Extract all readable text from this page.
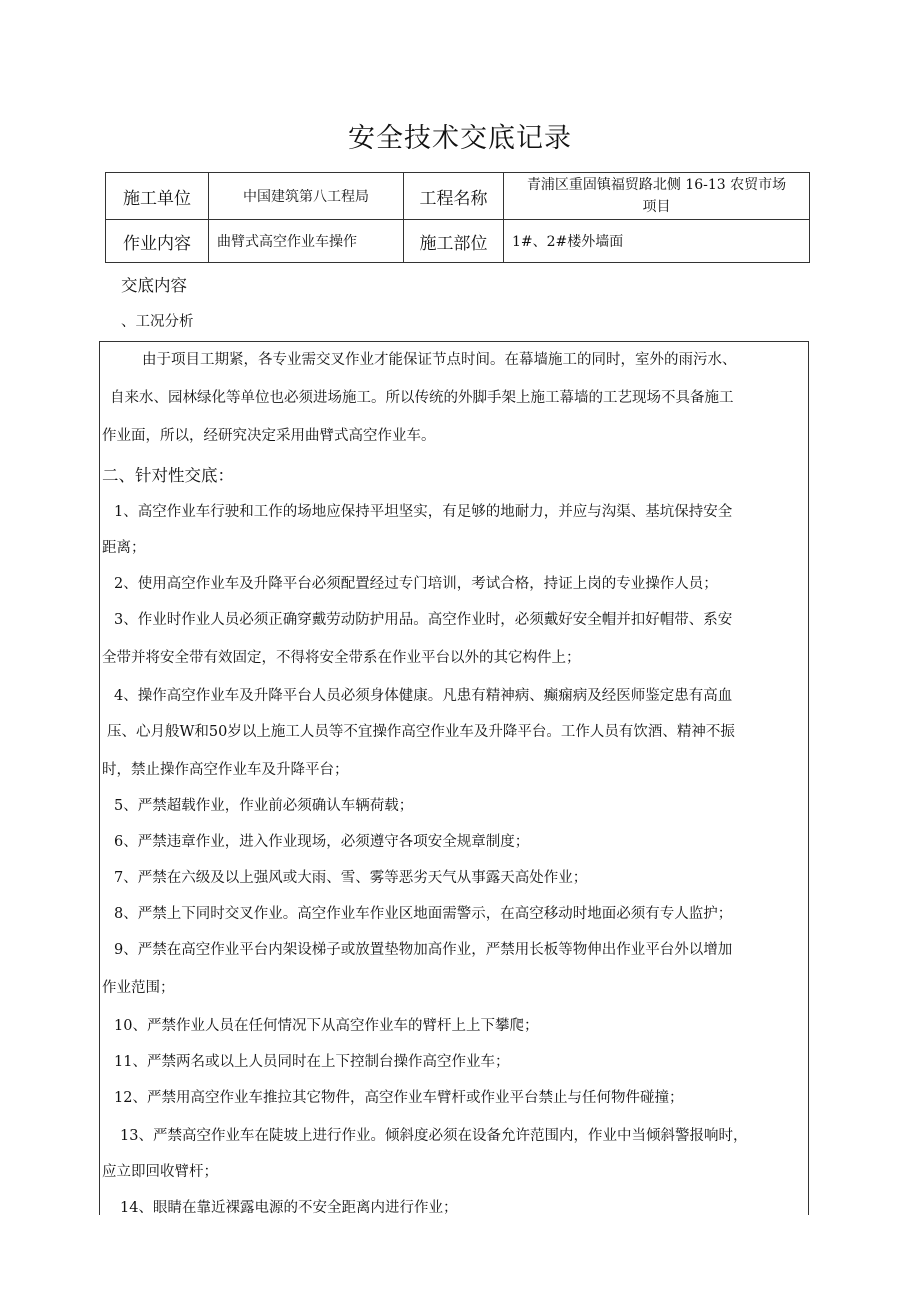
安全技术交底记录
施工单位	中国建筑第八工程局	工程名称	青浦区重固镇福贸路北侧 16-13 农贸市场
项目

作业内容	曲臂式高空作业车操作	施工部位	1#、2#楼外墙面
交底内容
、工况分析
由于项目工期紧，各专业需交叉作业才能保证节点时间。在幕墙施工的同时，室外的雨污水、
自来水、园林绿化等单位也必须进场施工。所以传统的外脚手架上施工幕墙的工艺现场不具备施工
作业面，所以，经研究决定采用曲臂式高空作业车。
二、针对性交底：
1、高空作业车行驶和工作的场地应保持平坦坚实，有足够的地耐力，并应与沟渠、基坑保持安全
距离；
2、使用高空作业车及升降平台必须配置经过专门培训，考试合格，持证上岗的专业操作人员；
3、作业时作业人员必须正确穿戴劳动防护用品。高空作业时，必须戴好安全帽并扣好帽带、系安
全带并将安全带有效固定，不得将安全带系在作业平台以外的其它构件上；
4、操作高空作业车及升降平台人员必须身体健康。凡患有精神病、癫痫病及经医师鉴定患有高血
压、心月般W和50岁以上施工人员等不宜操作高空作业车及升降平台。工作人员有饮酒、精神不振
时，禁止操作高空作业车及升降平台；
5、严禁超载作业，作业前必须确认车辆荷载；
6、严禁违章作业，进入作业现场，必须遵守各项安全规章制度；
7、严禁在六级及以上强风或大雨、雪、雾等恶劣天气从事露天高处作业；
8、严禁上下同时交叉作业。高空作业车作业区地面需警示，在高空移动时地面必须有专人监护；
9、严禁在高空作业平台内架设梯子或放置垫物加高作业，严禁用长板等物伸出作业平台外以增加
作业范围；
10、严禁作业人员在任何情况下从高空作业车的臂杆上上下攀爬；
11、严禁两名或以上人员同时在上下控制台操作高空作业车；
12、严禁用高空作业车推拉其它物件，高空作业车臂杆或作业平台禁止与任何物件碰撞；
13、严禁高空作业车在陡坡上进行作业。倾斜度必须在设备允许范围内，作业中当倾斜警报响时，
应立即回收臂杆；
14、眼睛在靠近裸露电源的不安全距离内进行作业；
